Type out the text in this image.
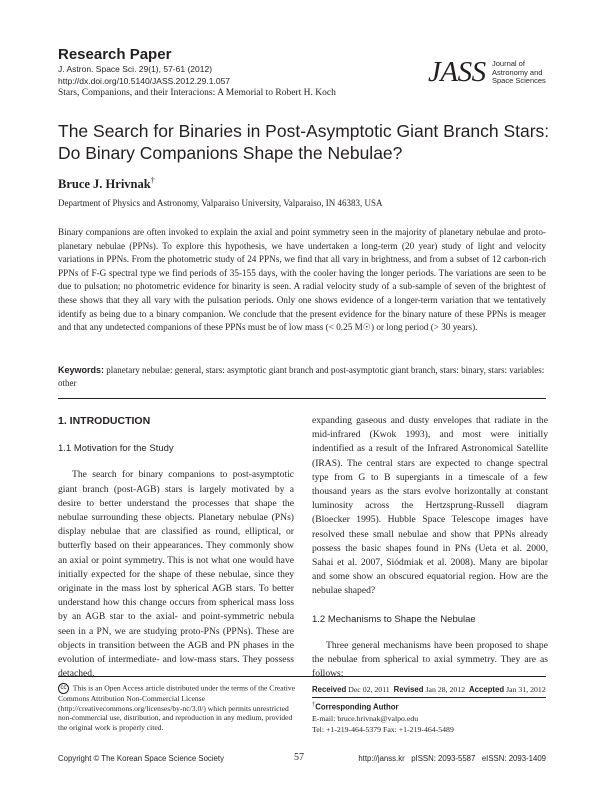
Research Paper
J. Astron. Space Sci. 29(1), 57-61 (2012)
http://dx.doi.org/10.5140/JASS.2012.29.1.057
Stars, Companions, and their Interacions: A Memorial to Robert H. Koch
JASS Journal of
Astronomy and
Space Sciences
The Search for Binaries in Post-Asymptotic Giant Branch Stars: Do Binary Companions Shape the Nebulae?
Bruce J. Hrivnak†
Department of Physics and Astronomy, Valparaiso University, Valparaiso, IN 46383, USA
Binary companions are often invoked to explain the axial and point symmetry seen in the majority of planetary nebulae and proto-planetary nebulae (PPNs). To explore this hypothesis, we have undertaken a long-term (20 year) study of light and velocity variations in PPNs. From the photometric study of 24 PPNs, we find that all vary in brightness, and from a subset of 12 carbon-rich PPNs of F-G spectral type we find periods of 35-155 days, with the cooler having the longer periods. The variations are seen to be due to pulsation; no photometric evidence for binarity is seen. A radial velocity study of a sub-sample of seven of the brightest of these shows that they all vary with the pulsation periods. Only one shows evidence of a longer-term variation that we tentatively identify as being due to a binary companion. We conclude that the present evidence for the binary nature of these PPNs is meager and that any undetected companions of these PPNs must be of low mass (< 0.25 M☉) or long period (> 30 years).
Keywords: planetary nebulae: general, stars: asymptotic giant branch and post-asymptotic giant branch, stars: binary, stars: variables: other
1. INTRODUCTION
1.1 Motivation for the Study

The search for binary companions to post-asymptotic giant branch (post-AGB) stars is largely motivated by a desire to better understand the processes that shape the nebulae surrounding these objects. Planetary nebulae (PNs) display nebulae that are classified as round, elliptical, or butterfly based on their appearances. They commonly show an axial or point symmetry. This is not what one would have initially expected for the shape of these nebulae, since they originate in the mass lost by spherical AGB stars. To better understand how this change occurs from spherical mass loss by an AGB star to the axial- and point-symmetric nebula seen in a PN, we are studying proto-PNs (PPNs). These are objects in transition between the AGB and PN phases in the evolution of intermediate- and low-mass stars. They possess detached,

expanding gaseous and dusty envelopes that radiate in the mid-infrared (Kwok 1993), and most were initially indentified as a result of the Infrared Astronomical Satellite (IRAS). The central stars are expected to change spectral type from G to B supergiants in a timescale of a few thousand years as the stars evolve horizontally at constant luminosity across the Hertzsprung-Russell diagram (Bloecker 1995). Hubble Space Telescope images have resolved these small nebulae and show that PPNs already possess the basic shapes found in PNs (Ueta et al. 2000, Sahai et al. 2007, Siódmiak et al. 2008). Many are bipolar and some show an obscured equatorial region. How are the nebulae shaped?

1.2 Mechanisms to Shape the Nebulae

Three general mechanisms have been proposed to shape the nebulae from spherical to axial symmetry. They are as follows:

cc This is an Open Access article distributed under the terms of the Creative Commons Attribution Non-Commercial License (http://creativecommons.org/licenses/by-nc/3.0/) which permits unrestricted non-commercial use, distribution, and reproduction in any medium, provided the original work is properly cited.
Received Dec 02, 2011 Revised Jan 28, 2012 Accepted Jan 31, 2012
†Corresponding Author
E-mail: bruce.hrivnak@valpo.edu
Tel: +1-219-464-5379 Fax: +1-219-464-5489
Copyright © The Korean Space Science Society	57	http://janss.kr   pISSN: 2093-5587   eISSN: 2093-1409
